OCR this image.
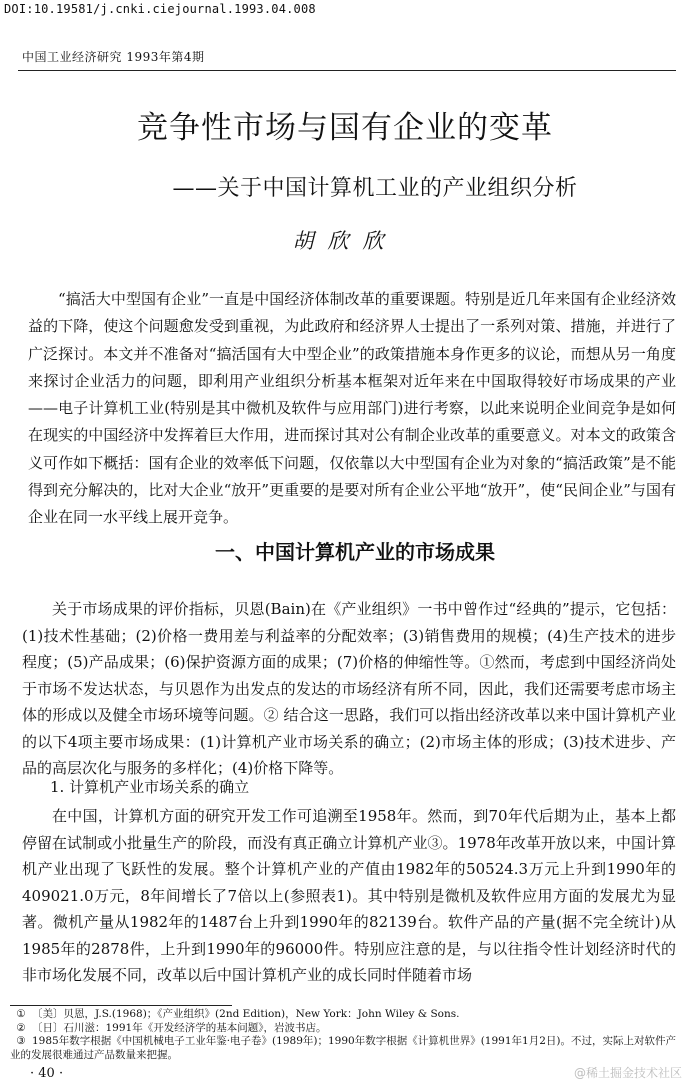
DOI:10.19581/j.cnki.ciejournal.1993.04.008
中国工业经济研究 1993年第4期
竞争性市场与国有企业的变革
——关于中国计算机工业的产业组织分析
胡欣欣

“搞活大中型国有企业”一直是中国经济体制改革的重要课题。特别是近几年来国有企业经济效益的下降，使这个问题愈发受到重视，为此政府和经济界人士提出了一系列对策、措施，并进行了广泛探讨。本文并不准备对“搞活国有大中型企业”的政策措施本身作更多的议论，而想从另一角度来探讨企业活力的问题，即利用产业组织分析基本框架对近年来在中国取得较好市场成果的产业——电子计算机工业(特别是其中微机及软件与应用部门)进行考察，以此来说明企业间竞争是如何在现实的中国经济中发挥着巨大作用，进而探讨其对公有制企业改革的重要意义。对本文的政策含义可作如下概括：国有企业的效率低下问题，仅依靠以大中型国有企业为对象的“搞活政策”是不能得到充分解决的，比对大企业“放开”更重要的是要对所有企业公平地“放开”，使“民间企业”与国有企业在同一水平线上展开竞争。

一、中国计算机产业的市场成果

关于市场成果的评价指标，贝恩(Bain)在《产业组织》一书中曾作过“经典的”提示，它包括：(1)技术性基础；(2)价格一费用差与利益率的分配效率；(3)销售费用的规模；(4)生产技术的进步程度；(5)产品成果；(6)保护资源方面的成果；(7)价格的伸缩性等。①然而，考虑到中国经济尚处于市场不发达状态，与贝恩作为出发点的发达的市场经济有所不同，因此，我们还需要考虑市场主体的形成以及健全市场环境等问题。② 结合这一思路，我们可以指出经济改革以来中国计算机产业的以下4项主要市场成果：(1)计算机产业市场关系的确立；(2)市场主体的形成；(3)技术进步、产品的高层次化与服务的多样化；(4)价格下降等。

1. 计算机产业市场关系的确立

在中国，计算机方面的研究开发工作可追溯至1958年。然而，到70年代后期为止，基本上都停留在试制或小批量生产的阶段，而没有真正确立计算机产业③。1978年改革开放以来，中国计算机产业出现了飞跃性的发展。整个计算机产业的产值由1982年的50524.3万元上升到1990年的409021.0万元，8年间增长了7倍以上(参照表1)。其中特别是微机及软件应用方面的发展尤为显著。微机产量从1982年的1487台上升到1990年的82139台。软件产品的产量(据不完全统计)从1985年的2878件，上升到1990年的96000件。特别应注意的是，与以往指令性计划经济时代的非市场化发展不同，改革以后中国计算机产业的成长同时伴随着市场

① 〔美〕贝恩，J.S.(1968)；《产业组织》(2nd Edition)，New York：John Wiley & Sons.

② 〔日〕石川滋：1991年《开发经济学的基本问题》，岩波书店。

③ 1985年数字根据《中国机械电子工业年鉴·电子卷》(1989年)；1990年数字根据《计算机世界》(1991年1月2日)。不过，实际上对软件产业的发展很难通过产品数量来把握。

· 40 ·	@稀土掘金技术社区
